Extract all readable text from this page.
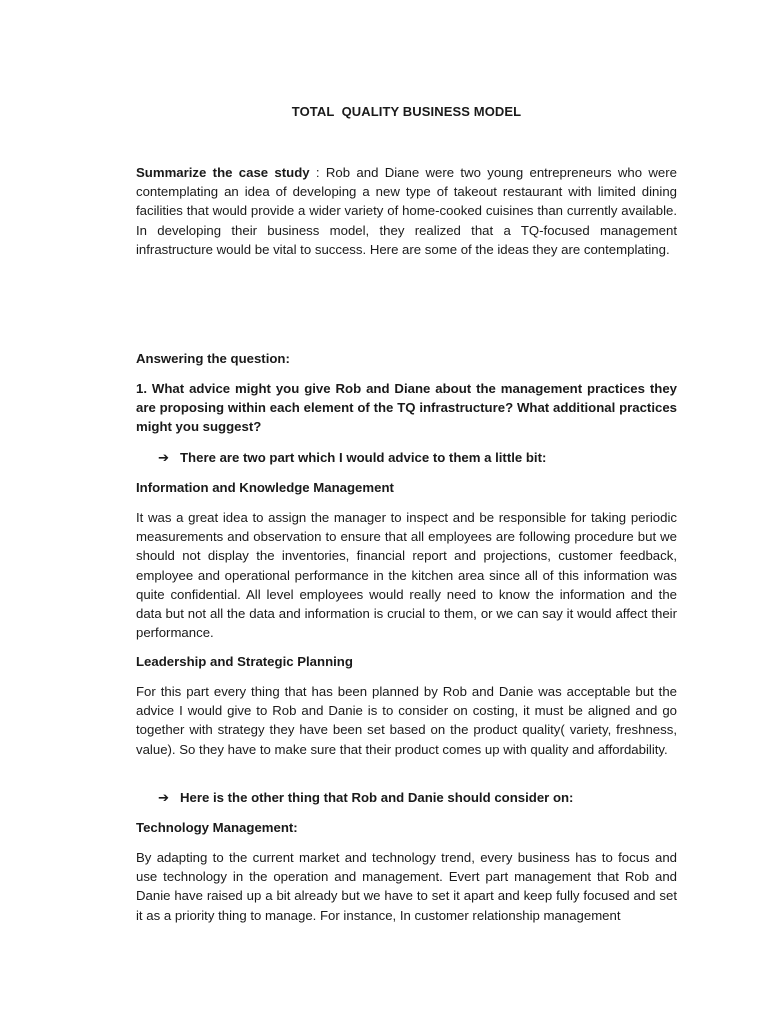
TOTAL  QUALITY BUSINESS MODEL
Summarize the case study : Rob and Diane were two young entrepreneurs who were contemplating an idea of developing a new type of takeout restaurant with limited dining facilities that would provide a wider variety of home-cooked cuisines than currently available. In developing their business model, they realized that a TQ-focused management infrastructure would be vital to success. Here are some of the ideas they are contemplating.
Answering the question:
1. What advice might you give Rob and Diane about the management practices they are proposing within each element of the TQ infrastructure? What additional practices might you suggest?
➔ There are two part which I would advice to them a little bit:
Information and Knowledge Management
It was a great idea to assign the manager to inspect and be responsible for taking periodic measurements and observation to ensure that all employees are following procedure but we should not display the inventories, financial report and projections, customer feedback, employee and operational performance in the kitchen area since all of this information was quite confidential. All level employees would really need to know the information and the data but not all the data and information is crucial to them, or we can say it would affect their performance.
Leadership and Strategic Planning
For this part every thing that has been planned by Rob and Danie was acceptable but the advice I would give to Rob and Danie is to consider on costing, it must be aligned and go together with strategy they have been set based on the product quality( variety, freshness, value). So they have to make sure that their product comes up with quality and affordability.
➔ Here is the other thing that Rob and Danie should consider on:
Technology Management:
By adapting to the current market and technology trend, every business has to focus and use technology in the operation and management. Evert part management that Rob and Danie have raised up a bit already but we have to set it apart and keep fully focused and set it as a priority thing to manage. For instance, In customer relationship management
